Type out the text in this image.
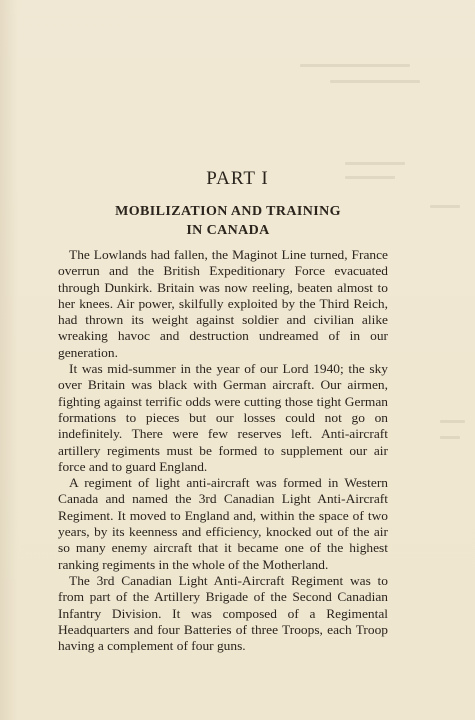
PART I
MOBILIZATION AND TRAINING
IN CANADA

The Lowlands had fallen, the Maginot Line turned, France overrun and the British Expeditionary Force evacuated through Dunkirk. Britain was now reeling, beaten almost to her knees. Air power, skilfully exploited by the Third Reich, had thrown its weight against soldier and civilian alike wreaking havoc and destruction undreamed of in our generation.

It was mid-summer in the year of our Lord 1940; the sky over Britain was black with German aircraft. Our airmen, fighting against terrific odds were cutting those tight German formations to pieces but our losses could not go on indefinitely. There were few reserves left. Anti-aircraft artillery regiments must be formed to supplement our air force and to guard England.

A regiment of light anti-aircraft was formed in Western Canada and named the 3rd Canadian Light Anti-Aircraft Regiment. It moved to England and, within the space of two years, by its keenness and efficiency, knocked out of the air so many enemy aircraft that it became one of the highest ranking regiments in the whole of the Motherland.

The 3rd Canadian Light Anti-Aircraft Regiment was to from part of the Artillery Brigade of the Second Canadian Infantry Division. It was composed of a Regimental Headquarters and four Batteries of three Troops, each Troop having a complement of four guns.
